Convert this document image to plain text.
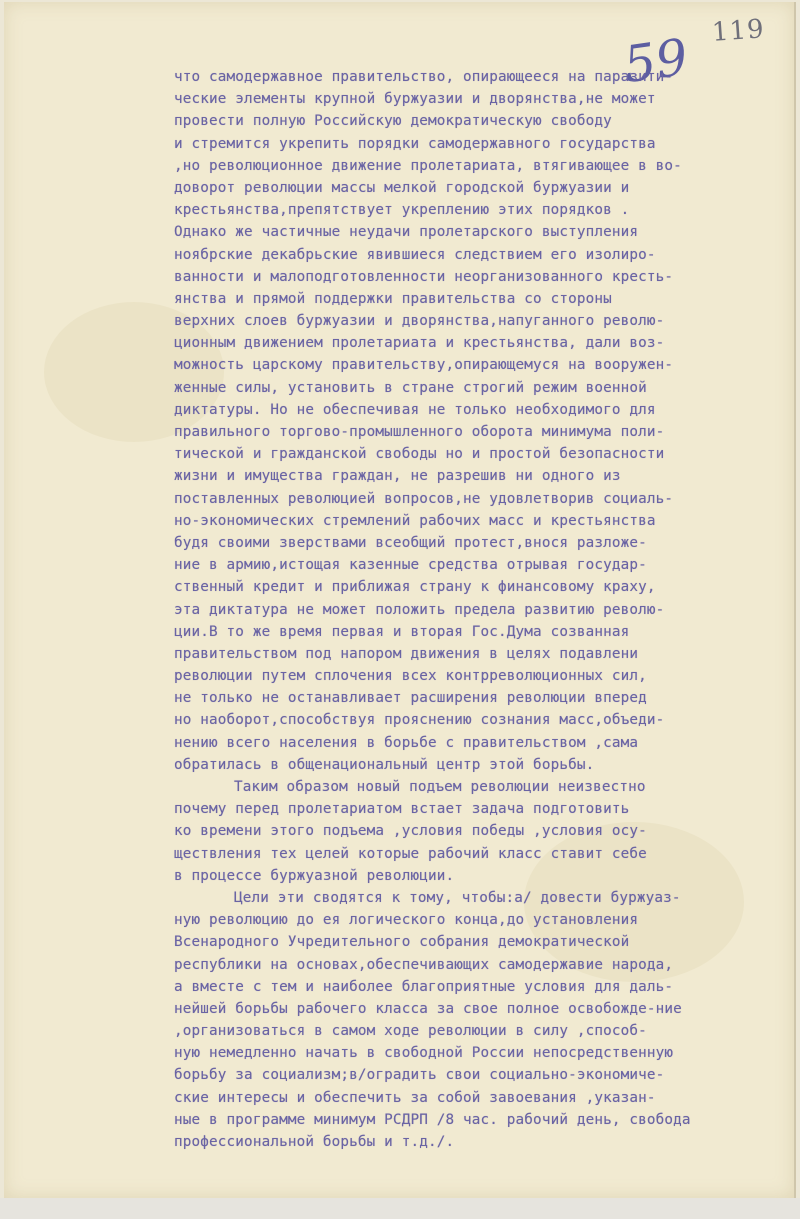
119
59
что самодержавное правительство, опирающееся на паразити-
ческие элементы крупной буржуазии и дворянства,не может
провести полную Российскую демократическую свободу
и стремится укрепить порядки самодержавного государства
,но революционное движение пролетариата, втягивающее в во-
доворот революции массы мелкой городской буржуазии и
крестьянства,препятствует укреплению этих порядков .
Однако же частичные неудачи пролетарского выступления
ноябрские декабрьские явившиеся следствием его изолиро-
ванности и малоподготовленности неорганизованного кресть-
янства и прямой поддержки правительства со стороны
верхних слоев буржуазии и дворянства,напуганного револю-
ционным движением пролетариата и крестьянства, дали воз-
можность царскому правительству,опирающемуся на вооружен-
женные силы, установить в стране строгий режим военной
диктатуры. Но не обеспечивая не только необходимого для
правильного торгово-промышленного оборота минимума поли-
тической и гражданской свободы но и простой безопасности
жизни и имущества граждан, не разрешив ни одного из
поставленных революцией вопросов,не удовлетворив социаль-
но-экономических стремлений рабочих масс и крестьянства
будя своими зверствами всеобщий протест,внося разложе-
ние в армию,истощая казенные средства отрывая государ-
ственный кредит и приближая страну к финансовому краху,
эта диктатура не может положить предела развитию револю-
ции.В то же время первая и вторая Гос.Дума созванная
правительством под напором движения в целях подавлени
революции путем сплочения всех контрреволюционных сил,
не только не останавливает расширения революции вперед
но наоборот,способствуя прояснению сознания масс,объеди-
нению всего населения в борьбе с правительством ,сама
обратилась в общенациональный центр этой борьбы.
Таким образом новый подъем революции неизвестно
почему перед пролетариатом встает задача подготовить
ко времени этого подъема ,условия победы ,условия осу-
ществления тех целей которые рабочий класс ставит себе
в процессе буржуазной революции.
Цели эти сводятся к тому, чтобы:а/ довести буржуаз-
ную революцию до ея логического конца,до установления
Всенародного Учредительного собрания демократической
республики на основах,обеспечивающих самодержавие народа,
а вместе с тем и наиболее благоприятные условия для даль-
нейшей борьбы рабочего класса за свое полное освобожде-ние
,организоваться в самом ходе революции в силу ,способ-
ную немедленно начать в свободной России непосредственную
борьбу за социализм;в/оградить свои социально-экономиче-
ские интересы и обеспечить за собой завоевания ,указан-
ные в программе минимум РСДРП /8 час. рабочий день, свобода
профессиональной борьбы и т.д./.
